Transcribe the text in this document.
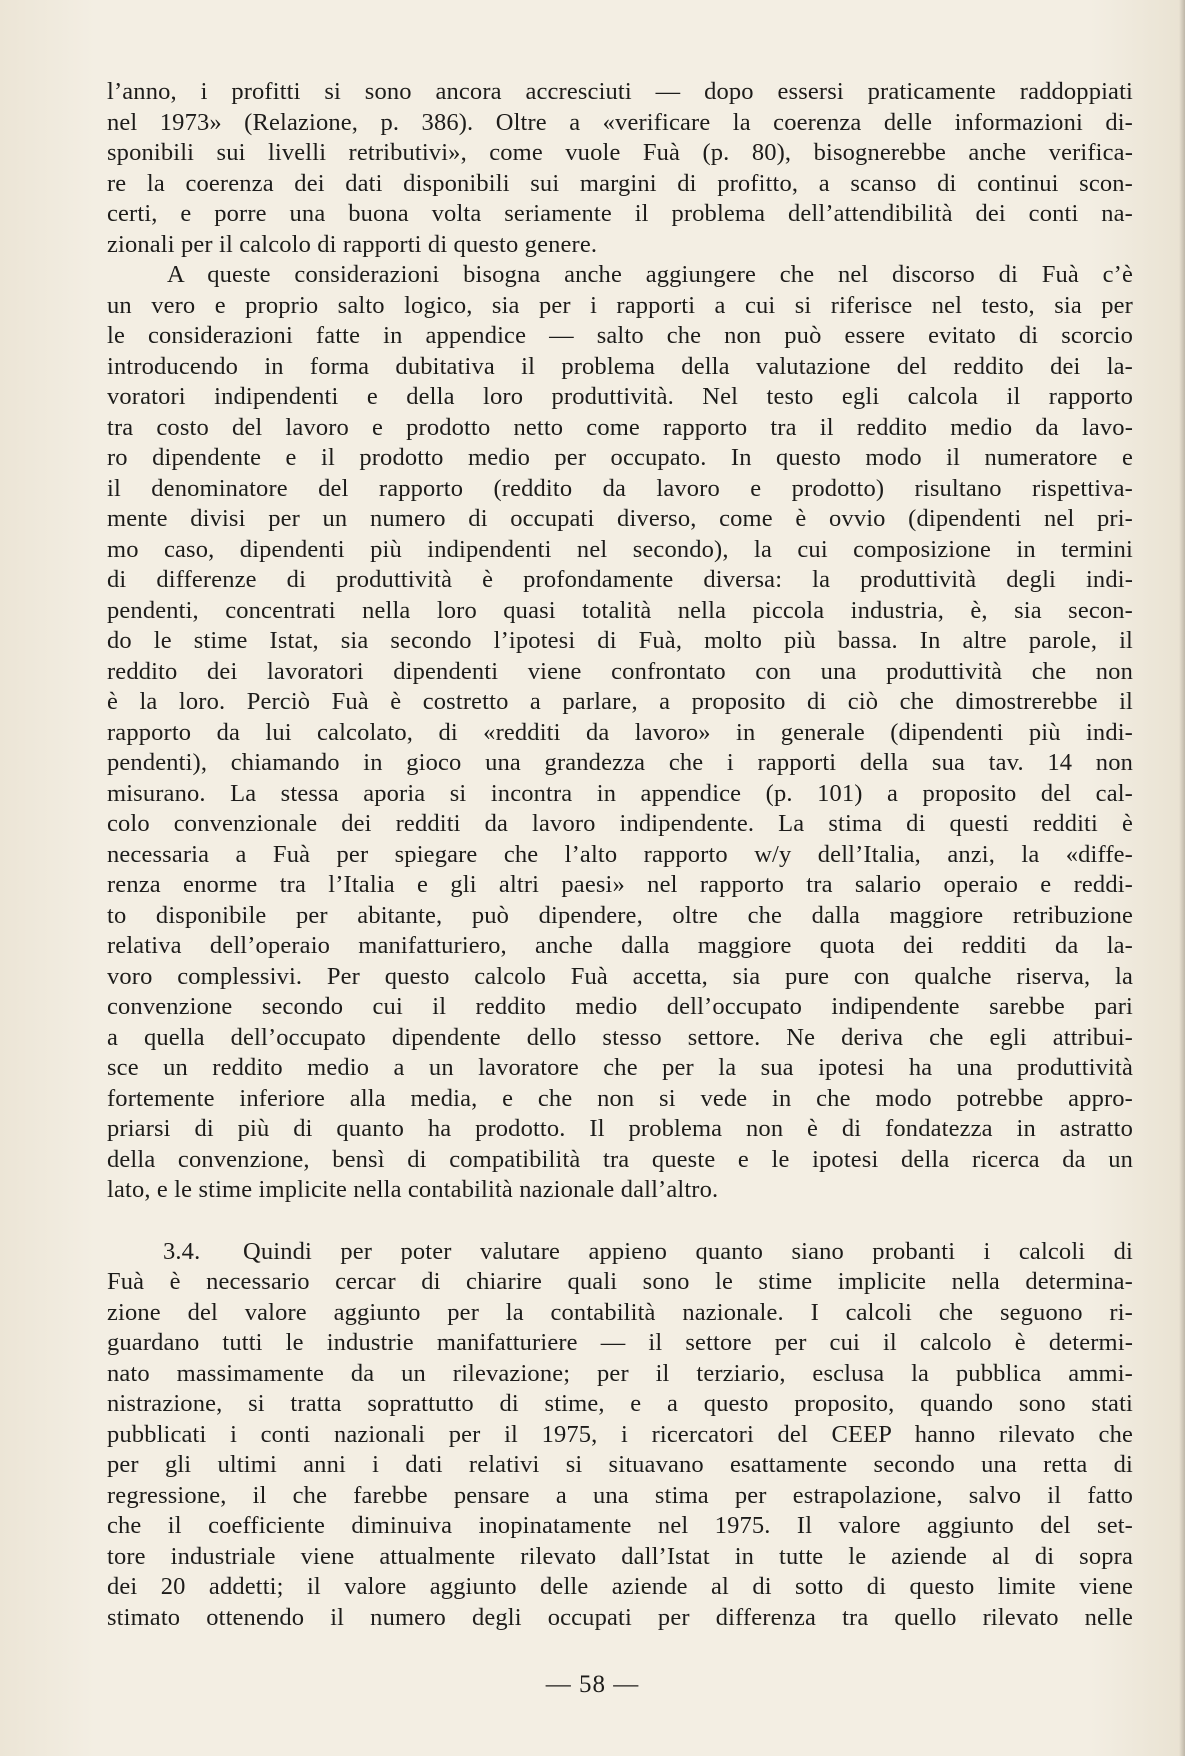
l’anno, i profitti si sono ancora accresciuti — dopo essersi praticamente raddoppiati
nel 1973» (Relazione, p. 386). Oltre a «verificare la coerenza delle informazioni di-
sponibili sui livelli retributivi», come vuole Fuà (p. 80), bisognerebbe anche verifica-
re la coerenza dei dati disponibili sui margini di profitto, a scanso di continui scon-
certi, e porre una buona volta seriamente il problema dell’attendibilità dei conti na-
zionali per il calcolo di rapporti di questo genere.
A queste considerazioni bisogna anche aggiungere che nel discorso di Fuà c’è
un vero e proprio salto logico, sia per i rapporti a cui si riferisce nel testo, sia per
le considerazioni fatte in appendice — salto che non può essere evitato di scorcio
introducendo in forma dubitativa il problema della valutazione del reddito dei la-
voratori indipendenti e della loro produttività. Nel testo egli calcola il rapporto
tra costo del lavoro e prodotto netto come rapporto tra il reddito medio da lavo-
ro dipendente e il prodotto medio per occupato. In questo modo il numeratore e
il denominatore del rapporto (reddito da lavoro e prodotto) risultano rispettiva-
mente divisi per un numero di occupati diverso, come è ovvio (dipendenti nel pri-
mo caso, dipendenti più indipendenti nel secondo), la cui composizione in termini
di differenze di produttività è profondamente diversa: la produttività degli indi-
pendenti, concentrati nella loro quasi totalità nella piccola industria, è, sia secon-
do le stime Istat, sia secondo l’ipotesi di Fuà, molto più bassa. In altre parole, il
reddito dei lavoratori dipendenti viene confrontato con una produttività che non
è la loro. Perciò Fuà è costretto a parlare, a proposito di ciò che dimostrerebbe il
rapporto da lui calcolato, di «redditi da lavoro» in generale (dipendenti più indi-
pendenti), chiamando in gioco una grandezza che i rapporti della sua tav. 14 non
misurano. La stessa aporia si incontra in appendice (p. 101) a proposito del cal-
colo convenzionale dei redditi da lavoro indipendente. La stima di questi redditi è
necessaria a Fuà per spiegare che l’alto rapporto w/y dell’Italia, anzi, la «diffe-
renza enorme tra l’Italia e gli altri paesi» nel rapporto tra salario operaio e reddi-
to disponibile per abitante, può dipendere, oltre che dalla maggiore retribuzione
relativa dell’operaio manifatturiero, anche dalla maggiore quota dei redditi da la-
voro complessivi. Per questo calcolo Fuà accetta, sia pure con qualche riserva, la
convenzione secondo cui il reddito medio dell’occupato indipendente sarebbe pari
a quella dell’occupato dipendente dello stesso settore. Ne deriva che egli attribui-
sce un reddito medio a un lavoratore che per la sua ipotesi ha una produttività
fortemente inferiore alla media, e che non si vede in che modo potrebbe appro-
priarsi di più di quanto ha prodotto. Il problema non è di fondatezza in astratto
della convenzione, bensì di compatibilità tra queste e le ipotesi della ricerca da un
lato, e le stime implicite nella contabilità nazionale dall’altro.
3.4.	Quindi per poter valutare appieno quanto siano probanti i calcoli di
Fuà è necessario cercar di chiarire quali sono le stime implicite nella determina-
zione del valore aggiunto per la contabilità nazionale. I calcoli che seguono ri-
guardano tutti le industrie manifatturiere — il settore per cui il calcolo è determi-
nato massimamente da un rilevazione; per il terziario, esclusa la pubblica ammi-
nistrazione, si tratta soprattutto di stime, e a questo proposito, quando sono stati
pubblicati i conti nazionali per il 1975, i ricercatori del CEEP hanno rilevato che
per gli ultimi anni i dati relativi si situavano esattamente secondo una retta di
regressione, il che farebbe pensare a una stima per estrapolazione, salvo il fatto
che il coefficiente diminuiva inopinatamente nel 1975. Il valore aggiunto del set-
tore industriale viene attualmente rilevato dall’Istat in tutte le aziende al di sopra
dei 20 addetti; il valore aggiunto delle aziende al di sotto di questo limite viene
stimato ottenendo il numero degli occupati per differenza tra quello rilevato nelle
— 58 —
